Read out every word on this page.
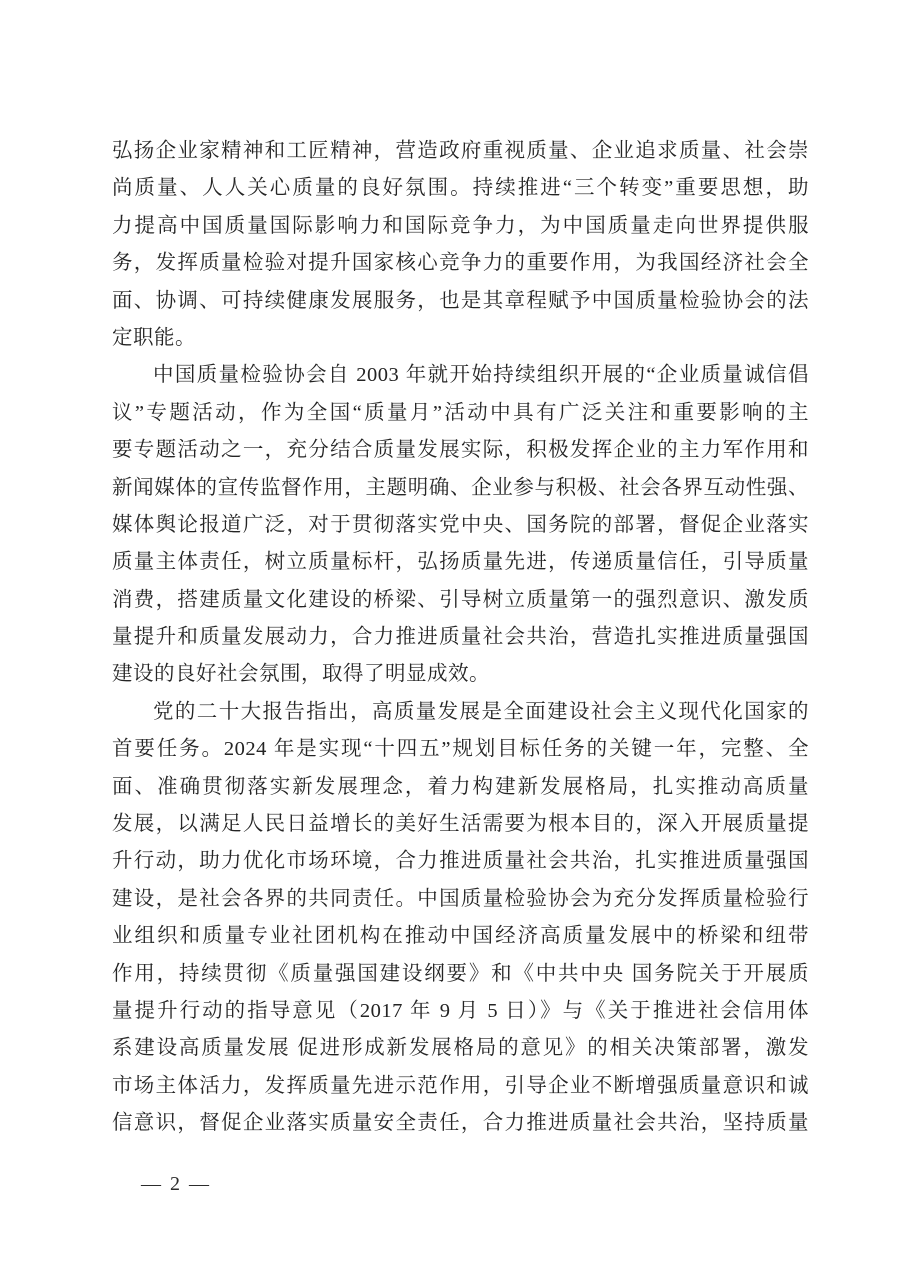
弘扬企业家精神和工匠精神，营造政府重视质量、企业追求质量、社会崇
尚质量、人人关心质量的良好氛围。持续推进“三个转变”重要思想，助
力提高中国质量国际影响力和国际竞争力，为中国质量走向世界提供服
务，发挥质量检验对提升国家核心竞争力的重要作用，为我国经济社会全
面、协调、可持续健康发展服务，也是其章程赋予中国质量检验协会的法
定职能。
中国质量检验协会自 2003 年就开始持续组织开展的“企业质量诚信倡
议”专题活动，作为全国“质量月”活动中具有广泛关注和重要影响的主
要专题活动之一，充分结合质量发展实际，积极发挥企业的主力军作用和
新闻媒体的宣传监督作用，主题明确、企业参与积极、社会各界互动性强、
媒体舆论报道广泛，对于贯彻落实党中央、国务院的部署，督促企业落实
质量主体责任，树立质量标杆，弘扬质量先进，传递质量信任，引导质量
消费，搭建质量文化建设的桥梁、引导树立质量第一的强烈意识、激发质
量提升和质量发展动力，合力推进质量社会共治，营造扎实推进质量强国
建设的良好社会氛围，取得了明显成效。
党的二十大报告指出，高质量发展是全面建设社会主义现代化国家的
首要任务。2024 年是实现“十四五”规划目标任务的关键一年，完整、全
面、准确贯彻落实新发展理念，着力构建新发展格局，扎实推动高质量
发展，以满足人民日益增长的美好生活需要为根本目的，深入开展质量提
升行动，助力优化市场环境，合力推进质量社会共治，扎实推进质量强国
建设，是社会各界的共同责任。中国质量检验协会为充分发挥质量检验行
业组织和质量专业社团机构在推动中国经济高质量发展中的桥梁和纽带
作用，持续贯彻《质量强国建设纲要》和《中共中央 国务院关于开展质
量提升行动的指导意见（2017 年 9 月 5 日）》与《关于推进社会信用体
系建设高质量发展 促进形成新发展格局的意见》的相关决策部署，激发
市场主体活力，发挥质量先进示范作用，引导企业不断增强质量意识和诚
信意识，督促企业落实质量安全责任，合力推进质量社会共治，坚持质量
— 2 —
